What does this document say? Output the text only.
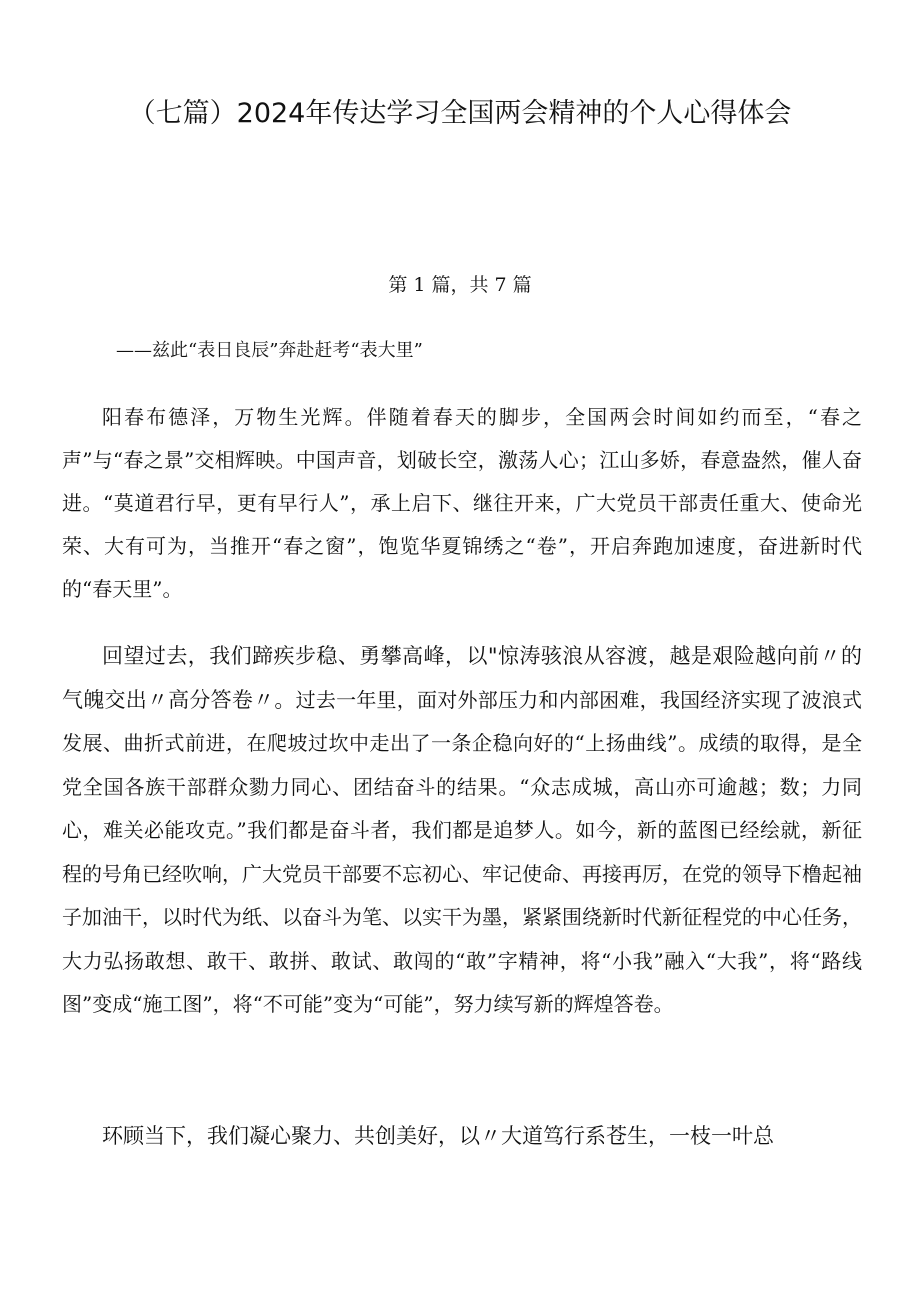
（七篇）2024年传达学习全国两会精神的个人心得体会
第 1 篇，共 7 篇
——兹此“表日良辰”奔赴赶考“表大里”

阳春布德泽，万物生光辉。伴随着春天的脚步，全国两会时间如约而至，“春之声”与“春之景”交相辉映。中国声音，划破长空，激荡人心；江山多娇，春意盎然，催人奋进。“莫道君行早，更有早行人”，承上启下、继往开来，广大党员干部责任重大、使命光荣、大有可为，当推开“春之窗”，饱览华夏锦绣之“卷”，开启奔跑加速度，奋进新时代的“春天里”。

回望过去，我们蹄疾步稳、勇攀高峰，以"惊涛骇浪从容渡，越是艰险越向前〃的气魄交出〃高分答卷〃。过去一年里，面对外部压力和内部困难，我国经济实现了波浪式发展、曲折式前进，在爬坡过坎中走出了一条企稳向好的“上扬曲线”。成绩的取得，是全党全国各族干部群众勠力同心、团结奋斗的结果。“众志成城，高山亦可逾越；数；力同心，难关必能攻克。”我们都是奋斗者，我们都是追梦人。如今，新的蓝图已经绘就，新征程的号角已经吹响，广大党员干部要不忘初心、牢记使命、再接再厉，在党的领导下橹起袖子加油干，以时代为纸、以奋斗为笔、以实干为墨，紧紧围绕新时代新征程党的中心任务，大力弘扬敢想、敢干、敢拼、敢试、敢闯的“敢”字精神，将“小我”融入“大我”，将“路线图”变成“施工图”，将“不可能”变为“可能”，努力续写新的辉煌答卷。

环顾当下，我们凝心聚力、共创美好，以〃大道笃行系苍生，一枝一叶总
